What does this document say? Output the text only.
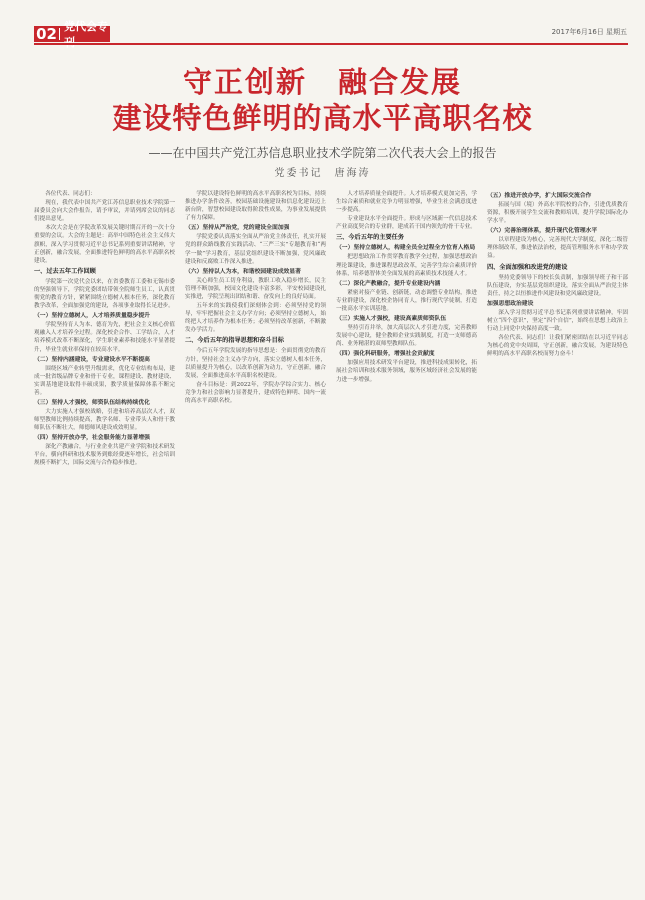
02 党代会专	2017年6月16日 星期五
守正创新　融合发展
建设特色鲜明的高水平高职名校
——在中国共产党江苏信息职业技术学院第二次代表大会上的报告
党委书记　唐海涛

各位代表、同志们：

现在，我代表中国共产党江苏信息职业技术学院第一届委员会向大会作报告，请予审议，并请列席会议的同志们提出意见。

本次大会是在学院改革发展关键时期召开的一次十分重要的会议。大会的主题是：高举中国特色社会主义伟大旗帜，深入学习贯彻习近平总书记系列重要讲话精神，守正创新，融合发展，全面推进特色鲜明的高水平高职名校建设。

一、过去五年工作回顾

学院第一次党代会以来，在省委教育工委和无锡市委的坚强领导下，学院党委团结带领全院师生员工，认真贯彻党的教育方针，紧紧围绕立德树人根本任务，深化教育教学改革，全面加强党的建设，各项事业取得长足进步。

（一）坚持立德树人，人才培养质量稳步提升

学院坚持育人为本、德育为先，把社会主义核心价值观融入人才培养全过程。深化校企合作、工学结合，人才培养模式改革不断深化，学生职业素养和技能水平显著提升，毕业生就业率保持在较高水平。

（二）坚持内涵建设，专业建设水平不断提高

围绕区域产业转型升级需求，优化专业结构布局，建成一批省级品牌专业和骨干专业，课程建设、教材建设、实训基地建设取得丰硕成果，教学质量保障体系不断完善。

（三）坚持人才强校，师资队伍结构持续优化

大力实施人才强校战略，引进和培养高层次人才，双师型教师比例持续提高，教学名师、专业带头人和骨干教师队伍不断壮大，师德师风建设成效明显。

（四）坚持开放办学，社会服务能力显著增强

深化产教融合，与行业企业共建产业学院和技术研发平台，横向科研和技术服务到账经费逐年增长，社会培训规模不断扩大，国际交流与合作稳步推进。

学院以建设特色鲜明的高水平高职名校为目标，持续推进办学条件改善，校园基础设施建设和信息化建设迈上新台阶，智慧校园建设取得阶段性成果，为事业发展提供了有力保障。

（五）坚持从严治党，党的建设全面加强

学院党委认真落实全面从严治党主体责任，扎实开展党的群众路线教育实践活动、“三严三实”专题教育和“两学一做”学习教育，基层党组织建设不断加强，党风廉政建设和反腐败工作深入推进。

（六）坚持以人为本，和谐校园建设成效显著

关心师生员工切身利益，教职工收入稳步增长，民主管理不断加强，校园文化建设丰富多彩，平安校园建设扎实推进，学院呈现出团结和谐、奋发向上的良好局面。

五年来的实践使我们深刻体会到：必须坚持党的领导，牢牢把握社会主义办学方向；必须坚持立德树人，始终把人才培养作为根本任务；必须坚持改革创新，不断激发办学活力。

二、今后五年的指导思想和奋斗目标

今后五年学院发展的指导思想是：全面贯彻党的教育方针，坚持社会主义办学方向，落实立德树人根本任务，以质量提升为核心，以改革创新为动力，守正创新，融合发展，全面推进高水平高职名校建设。

奋斗目标是：到2022年，学院办学综合实力、核心竞争力和社会影响力显著提升，建成特色鲜明、国内一流的高水平高职名校。

人才培养质量全面提升。人才培养模式更加完善，学生综合素质和就业竞争力明显增强，毕业生社会满意度进一步提高。

专业建设水平全面提升。形成与区域新一代信息技术产业高度契合的专业群，建成若干国内领先的骨干专业。

三、今后五年的主要任务
（一）坚持立德树人，构建全员全过程全方位育人格局

把思想政治工作贯穿教育教学全过程，加强思想政治理论课建设，推进课程思政改革，完善学生综合素质评价体系，培养德智体美全面发展的高素质技术技能人才。

（二）深化产教融合，提升专业建设内涵

紧密对接产业链、创新链，动态调整专业结构，推进专业群建设，深化校企协同育人，推行现代学徒制，打造一批高水平实训基地。

（三）实施人才强校，建设高素质师资队伍

坚持引育并举，加大高层次人才引进力度，完善教师发展中心建设，健全教师企业实践制度，打造一支师德高尚、业务精湛的双师型教师队伍。

（四）强化科研服务，增强社会贡献度

加强应用技术研发平台建设，推进科技成果转化，拓展社会培训和技术服务领域，服务区域经济社会发展的能力进一步增强。

（五）推进开放办学，扩大国际交流合作

拓展与国（境）外高水平院校的合作，引进优质教育资源，积极开展学生交流和教师培训，提升学院国际化办学水平。

（六）完善治理体系，提升现代化管理水平

以章程建设为核心，完善现代大学制度，深化二级管理体制改革，推进依法治校，提高管理服务水平和办学效益。

四、全面加强和改进党的建设

坚持党委领导下的校长负责制，加强领导班子和干部队伍建设，夯实基层党组织建设，落实全面从严治党主体责任，持之以恒推进作风建设和党风廉政建设。

加强思想政治建设

深入学习贯彻习近平总书记系列重要讲话精神，牢固树立“四个意识”，坚定“四个自信”，始终在思想上政治上行动上同党中央保持高度一致。

各位代表、同志们！让我们紧密团结在以习近平同志为核心的党中央周围，守正创新，融合发展，为建设特色鲜明的高水平高职名校而努力奋斗！
